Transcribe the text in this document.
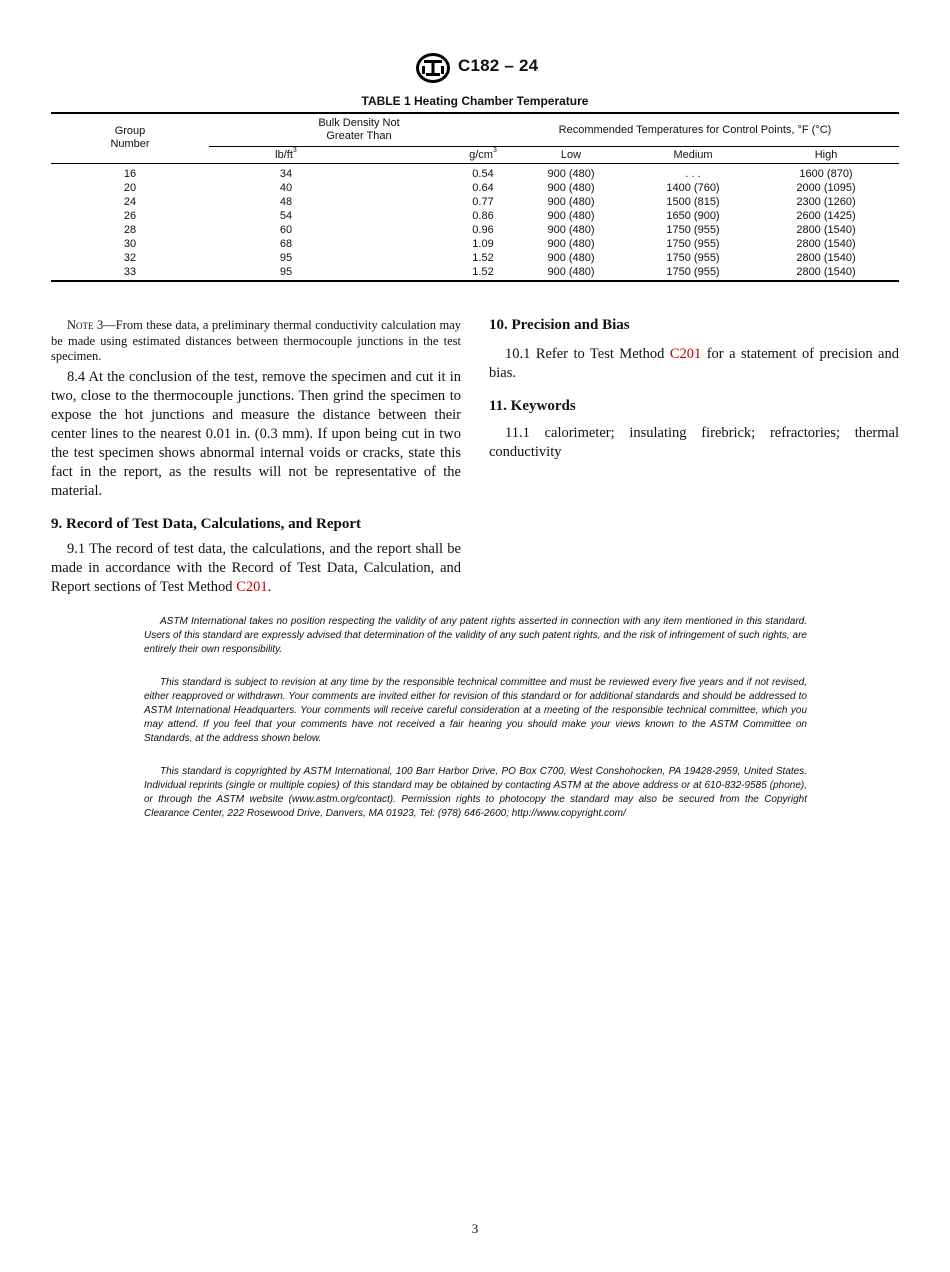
C182 – 24
TABLE 1 Heating Chamber Temperature
Group
Number
Bulk Density Not
Greater Than	Recommended Temperatures for Control Points, °F (°C)
$lb/ft^3$	$g/cm^3$	Low	Medium	High
16	34	0.54	900 (480)	. . .	1600 (870)
20	40	0.64	900 (480)	1400 (760)	2000 (1095)
24	48	0.77	900 (480)	1500 (815)	2300 (1260)
26	54	0.86	900 (480)	1650 (900)	2600 (1425)
28	60	0.96	900 (480)	1750 (955)	2800 (1540)
30	68	1.09	900 (480)	1750 (955)	2800 (1540)
32	95	1.52	900 (480)	1750 (955)	2800 (1540)
33	95	1.52	900 (480)	1750 (955)	2800 (1540)
Note 3—From these data, a preliminary thermal conductivity calculation may be made using estimated distances between thermocouple junctions in the test specimen.

8.4 At the conclusion of the test, remove the specimen and cut it in two, close to the thermocouple junctions. Then grind the specimen to expose the hot junctions and measure the distance between their center lines to the nearest 0.01 in. (0.3 mm). If upon being cut in two the test specimen shows abnormal internal voids or cracks, state this fact in the report, as the results will not be representative of the material.

9. Record of Test Data, Calculations, and Report

9.1 The record of test data, the calculations, and the report shall be made in accordance with the Record of Test Data, Calculation, and Report sections of Test Method C201.

10. Precision and Bias

10.1 Refer to Test Method C201 for a statement of precision and bias.

11. Keywords

11.1 calorimeter; insulating firebrick; refractories; thermal conductivity

ASTM International takes no position respecting the validity of any patent rights asserted in connection with any item mentioned in this standard. Users of this standard are expressly advised that determination of the validity of any such patent rights, and the risk of infringement of such rights, are entirely their own responsibility.

This standard is subject to revision at any time by the responsible technical committee and must be reviewed every five years and if not revised, either reapproved or withdrawn. Your comments are invited either for revision of this standard or for additional standards and should be addressed to ASTM International Headquarters. Your comments will receive careful consideration at a meeting of the responsible technical committee, which you may attend. If you feel that your comments have not received a fair hearing you should make your views known to the ASTM Committee on Standards, at the address shown below.

This standard is copyrighted by ASTM International, 100 Barr Harbor Drive, PO Box C700, West Conshohocken, PA 19428-2959, United States. Individual reprints (single or multiple copies) of this standard may be obtained by contacting ASTM at the above address or at 610-832-9585 (phone), or through the ASTM website (www.astm.org/contact). Permission rights to photocopy the standard may also be secured from the Copyright Clearance Center, 222 Rosewood Drive, Danvers, MA 01923, Tel: (978) 646-2600; http://www.copyright.com/

3
